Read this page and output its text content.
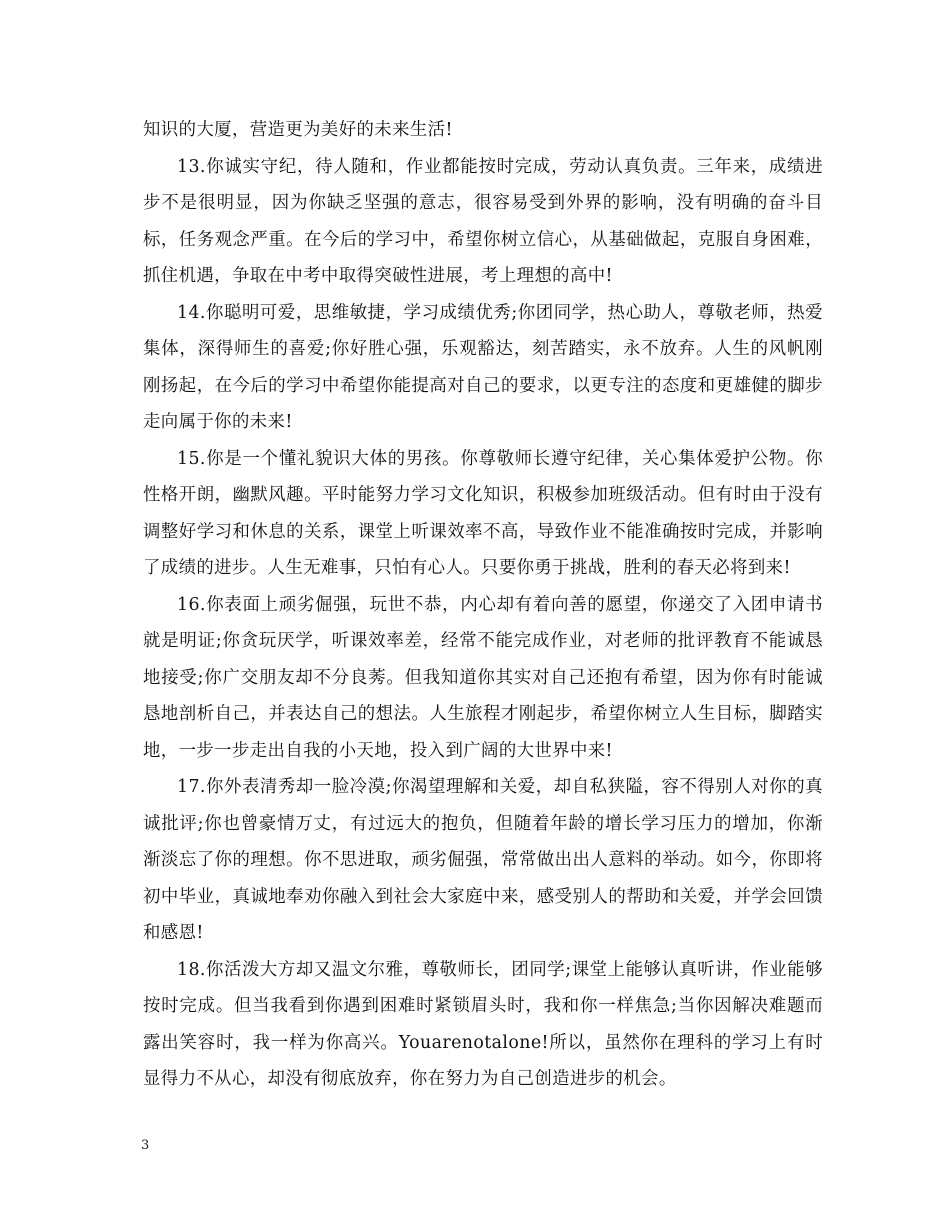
知识的大厦，营造更为美好的未来生活!

13.你诚实守纪，待人随和，作业都能按时完成，劳动认真负责。三年来，成绩进步不是很明显，因为你缺乏坚强的意志，很容易受到外界的影响，没有明确的奋斗目标，任务观念严重。在今后的学习中，希望你树立信心，从基础做起，克服自身困难，抓住机遇，争取在中考中取得突破性进展，考上理想的高中!

14.你聪明可爱，思维敏捷，学习成绩优秀;你团同学，热心助人，尊敬老师，热爱集体，深得师生的喜爱;你好胜心强，乐观豁达，刻苦踏实，永不放弃。人生的风帆刚刚扬起，在今后的学习中希望你能提高对自己的要求，以更专注的态度和更雄健的脚步走向属于你的未来!

15.你是一个懂礼貌识大体的男孩。你尊敬师长遵守纪律，关心集体爱护公物。你性格开朗，幽默风趣。平时能努力学习文化知识，积极参加班级活动。但有时由于没有调整好学习和休息的关系，课堂上听课效率不高，导致作业不能准确按时完成，并影响了成绩的进步。人生无难事，只怕有心人。只要你勇于挑战，胜利的春天必将到来!

16.你表面上顽劣倔强，玩世不恭，内心却有着向善的愿望，你递交了入团申请书就是明证;你贪玩厌学，听课效率差，经常不能完成作业，对老师的批评教育不能诚恳地接受;你广交朋友却不分良莠。但我知道你其实对自己还抱有希望，因为你有时能诚恳地剖析自己，并表达自己的想法。人生旅程才刚起步，希望你树立人生目标，脚踏实地，一步一步走出自我的小天地，投入到广阔的大世界中来!

17.你外表清秀却一脸冷漠;你渴望理解和关爱，却自私狭隘，容不得别人对你的真诚批评;你也曾豪情万丈，有过远大的抱负，但随着年龄的增长学习压力的增加，你渐渐淡忘了你的理想。你不思进取，顽劣倔强，常常做出出人意料的举动。如今，你即将初中毕业，真诚地奉劝你融入到社会大家庭中来，感受别人的帮助和关爱，并学会回馈和感恩!

18.你活泼大方却又温文尔雅，尊敬师长，团同学;课堂上能够认真听讲，作业能够按时完成。但当我看到你遇到困难时紧锁眉头时，我和你一样焦急;当你因解决难题而露出笑容时，我一样为你高兴。Youarenotalone!所以，虽然你在理科的学习上有时显得力不从心，却没有彻底放弃，你在努力为自己创造进步的机会。

3
